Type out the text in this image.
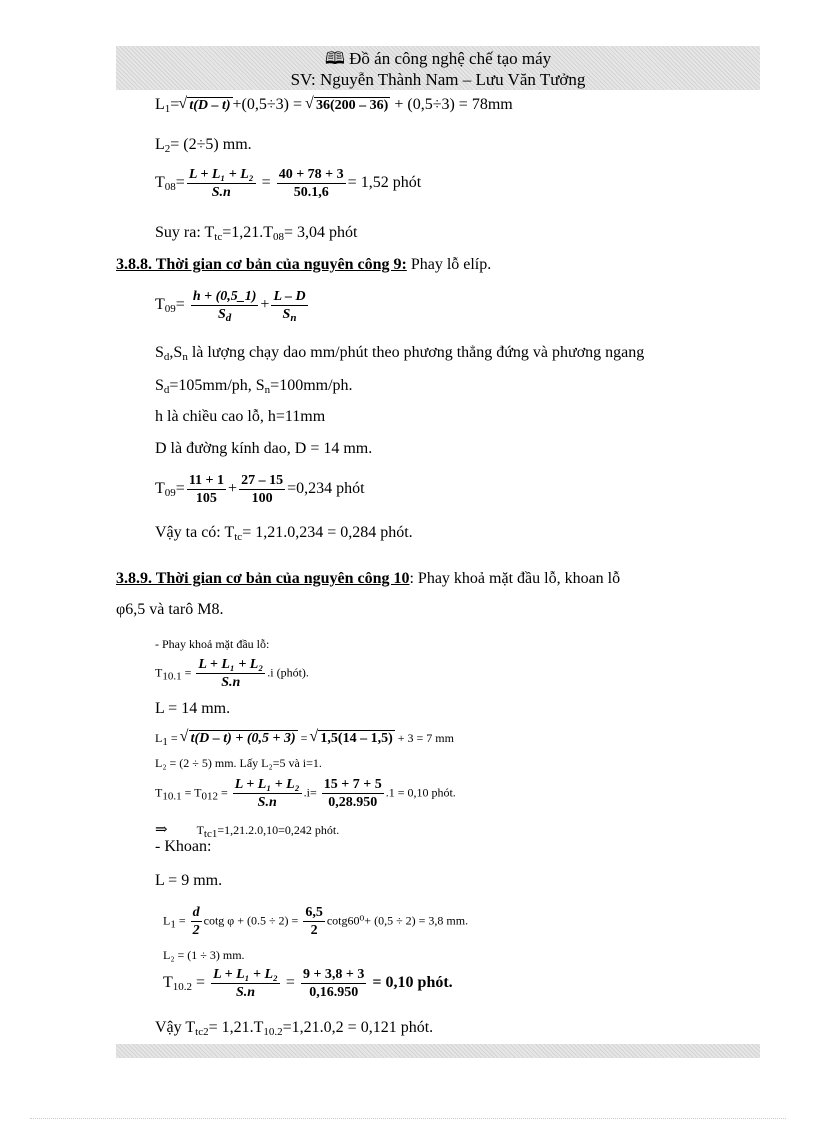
🕮 Đồ án công nghệ chế tạo máy
SV: Nguyễn Thành Nam – Lưu Văn Tưởng
$L_1=√$ t(D – t) +(0,5÷3) = √ 36(200 – 36) + (0,5÷3) = 78mm
$L_2= (2\div 5)$ mm.
$T_{08}= \frac{\text{L + L₁ + L₂}}{S.n} = \frac{40 + 78 + 3}{50.1,6} = 1,52$ phót
Suy ra: $T_{tc}=1,21.T_{08}= 3,04$ phót
3.8.8. Thời gian cơ bản của nguyên công 9: Phay lỗ elíp.
$T_{09}= \frac{h + (0,5\_1)}{S_d} + \frac{L - D}{S_n}$
$S_d,S_n$ là lượng chạy dao mm/phút theo phương thẳng đứng và phương ngang
$S_d=105mm/ph$, $S_n=100mm/ph$.
h là chiều cao lỗ, h=11mm
D là đường kính dao, D = 14 mm.
$T_{09}= \frac{11 + 1}{105} + \frac{27 - 15}{100} =0,234$ phót
Vậy ta có: $T_{tc}= 1,21.0,234 = 0,284$ phót.
3.8.9. Thời gian cơ bản của nguyên công 10: Phay khoả mặt đầu lỗ, khoan lỗ
φ6,5 và tarô M8.
- Phay khoả mặt đầu lỗ:
$T_{10.1} = \frac{\text{L + L₁ + L₂}}{S.n} .i$ (phót).
L = 14 mm.
$L_1$ = √ t(D – t) + (0,5 + 3) = √ 1,5(14 – 1,5) + 3 = 7 mm
L₂ = (2 ÷ 5) mm. Lấy L₂=5 và i=1.
$T_{10.1} = T_{012} = \frac{\text{L + L₁ + L₂}}{S.n} .i= \frac{15 + 7 + 5}{0,28.950} .1 = 0,10$ phót.
⇒ $T_{tc1}=1,21.2.0,10=0,242$ phót.
- Khoan:
L = 9 mm.
$L_1 = \frac{d}{2}$ cotg $\varphi + (0.5 \div 2) = \frac{6,5}{2} \cot g60^0+ (0,5 \div 2) = 3,8$ mm.
L₂ = (1 ÷ 3) mm.
$T_{10.2} = \frac{\text{L + L₁ + L₂}}{S.n} = \frac{9 + 3,8 + 3}{0,16.950} = 0,10$ phót.
Vậy $T_{tc2}= 1,21.T_{10.2}=1,21.0,2 = 0,121$ phót.
